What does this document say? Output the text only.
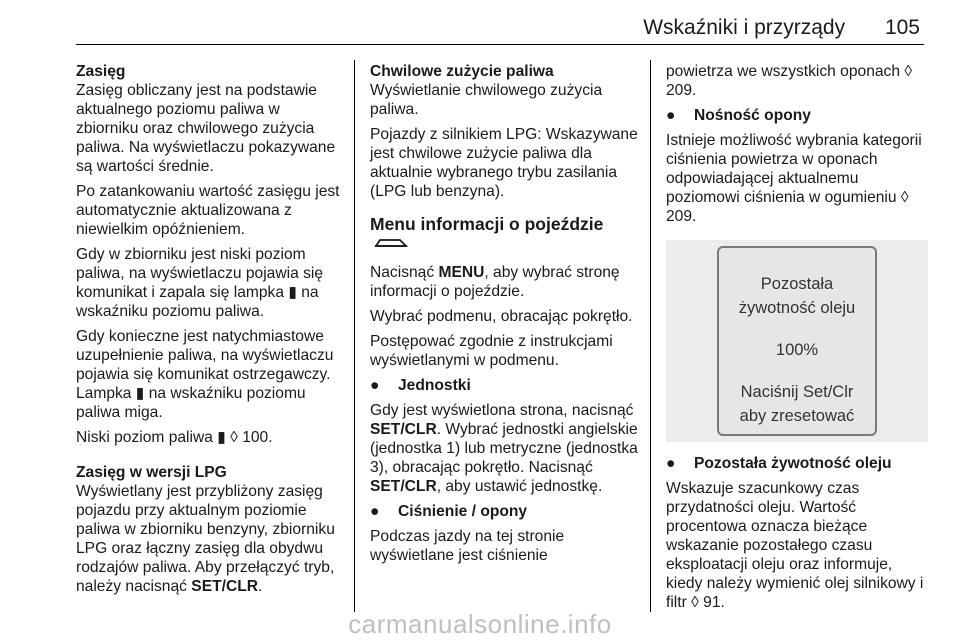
Wskaźniki i przyrządy 105
Zasięg

Zasięg obliczany jest na podstawie aktualnego poziomu paliwa w zbiorniku oraz chwilowego zużycia paliwa. Na wyświetlaczu pokazywane są wartości średnie.

Po zatankowaniu wartość zasięgu jest automatycznie aktualizowana z niewielkim opóźnieniem.

Gdy w zbiorniku jest niski poziom paliwa, na wyświetlaczu pojawia się komunikat i zapala się lampka ▮ na wskaźniku poziomu paliwa.

Gdy konieczne jest natychmiastowe uzupełnienie paliwa, na wyświetlaczu pojawia się komunikat ostrzegawczy. Lampka ▮ na wskaźniku poziomu paliwa miga.

Niski poziom paliwa ▮ ◊ 100.

Zasięg w wersji LPG

Wyświetlany jest przybliżony zasięg pojazdu przy aktualnym poziomie paliwa w zbiorniku benzyny, zbiorniku LPG oraz łączny zasięg dla obydwu rodzajów paliwa. Aby przełączyć tryb, należy nacisnąć SET/CLR.

Chwilowe zużycie paliwa

Wyświetlanie chwilowego zużycia paliwa.

Pojazdy z silnikiem LPG: Wskazywane jest chwilowe zużycie paliwa dla aktualnie wybranego trybu zasilania (LPG lub benzyna).

Menu informacji o pojeździe

Nacisnąć MENU, aby wybrać stronę informacji o pojeździe.

Wybrać podmenu, obracając pokrętło.

Postępować zgodnie z instrukcjami wyświetlanymi w podmenu.

●	Jednostki

Gdy jest wyświetlona strona, nacisnąć SET/CLR. Wybrać jednostki angielskie (jednostka 1) lub metryczne (jednostka 3), obracając pokrętło. Nacisnąć SET/CLR, aby ustawić jednostkę.

●	Ciśnienie / opony

Podczas jazdy na tej stronie wyświetlane jest ciśnienie

powietrza we wszystkich oponach ◊ 209.

●	Nośność opony

Istnieje możliwość wybrania kategorii ciśnienia powietrza w oponach odpowiadającej aktualnemu poziomowi ciśnienia w ogumieniu ◊ 209.

Pozostała
żywotność oleju
100%
Naciśnij Set/Clr
aby zresetować
●	Pozostała żywotność oleju

Wskazuje szacunkowy czas przydatności oleju. Wartość procentowa oznacza bieżące wskazanie pozostałego czasu eksploatacji oleju oraz informuje, kiedy należy wymienić olej silnikowy i filtr ◊ 91.

carmanualsonline.info
